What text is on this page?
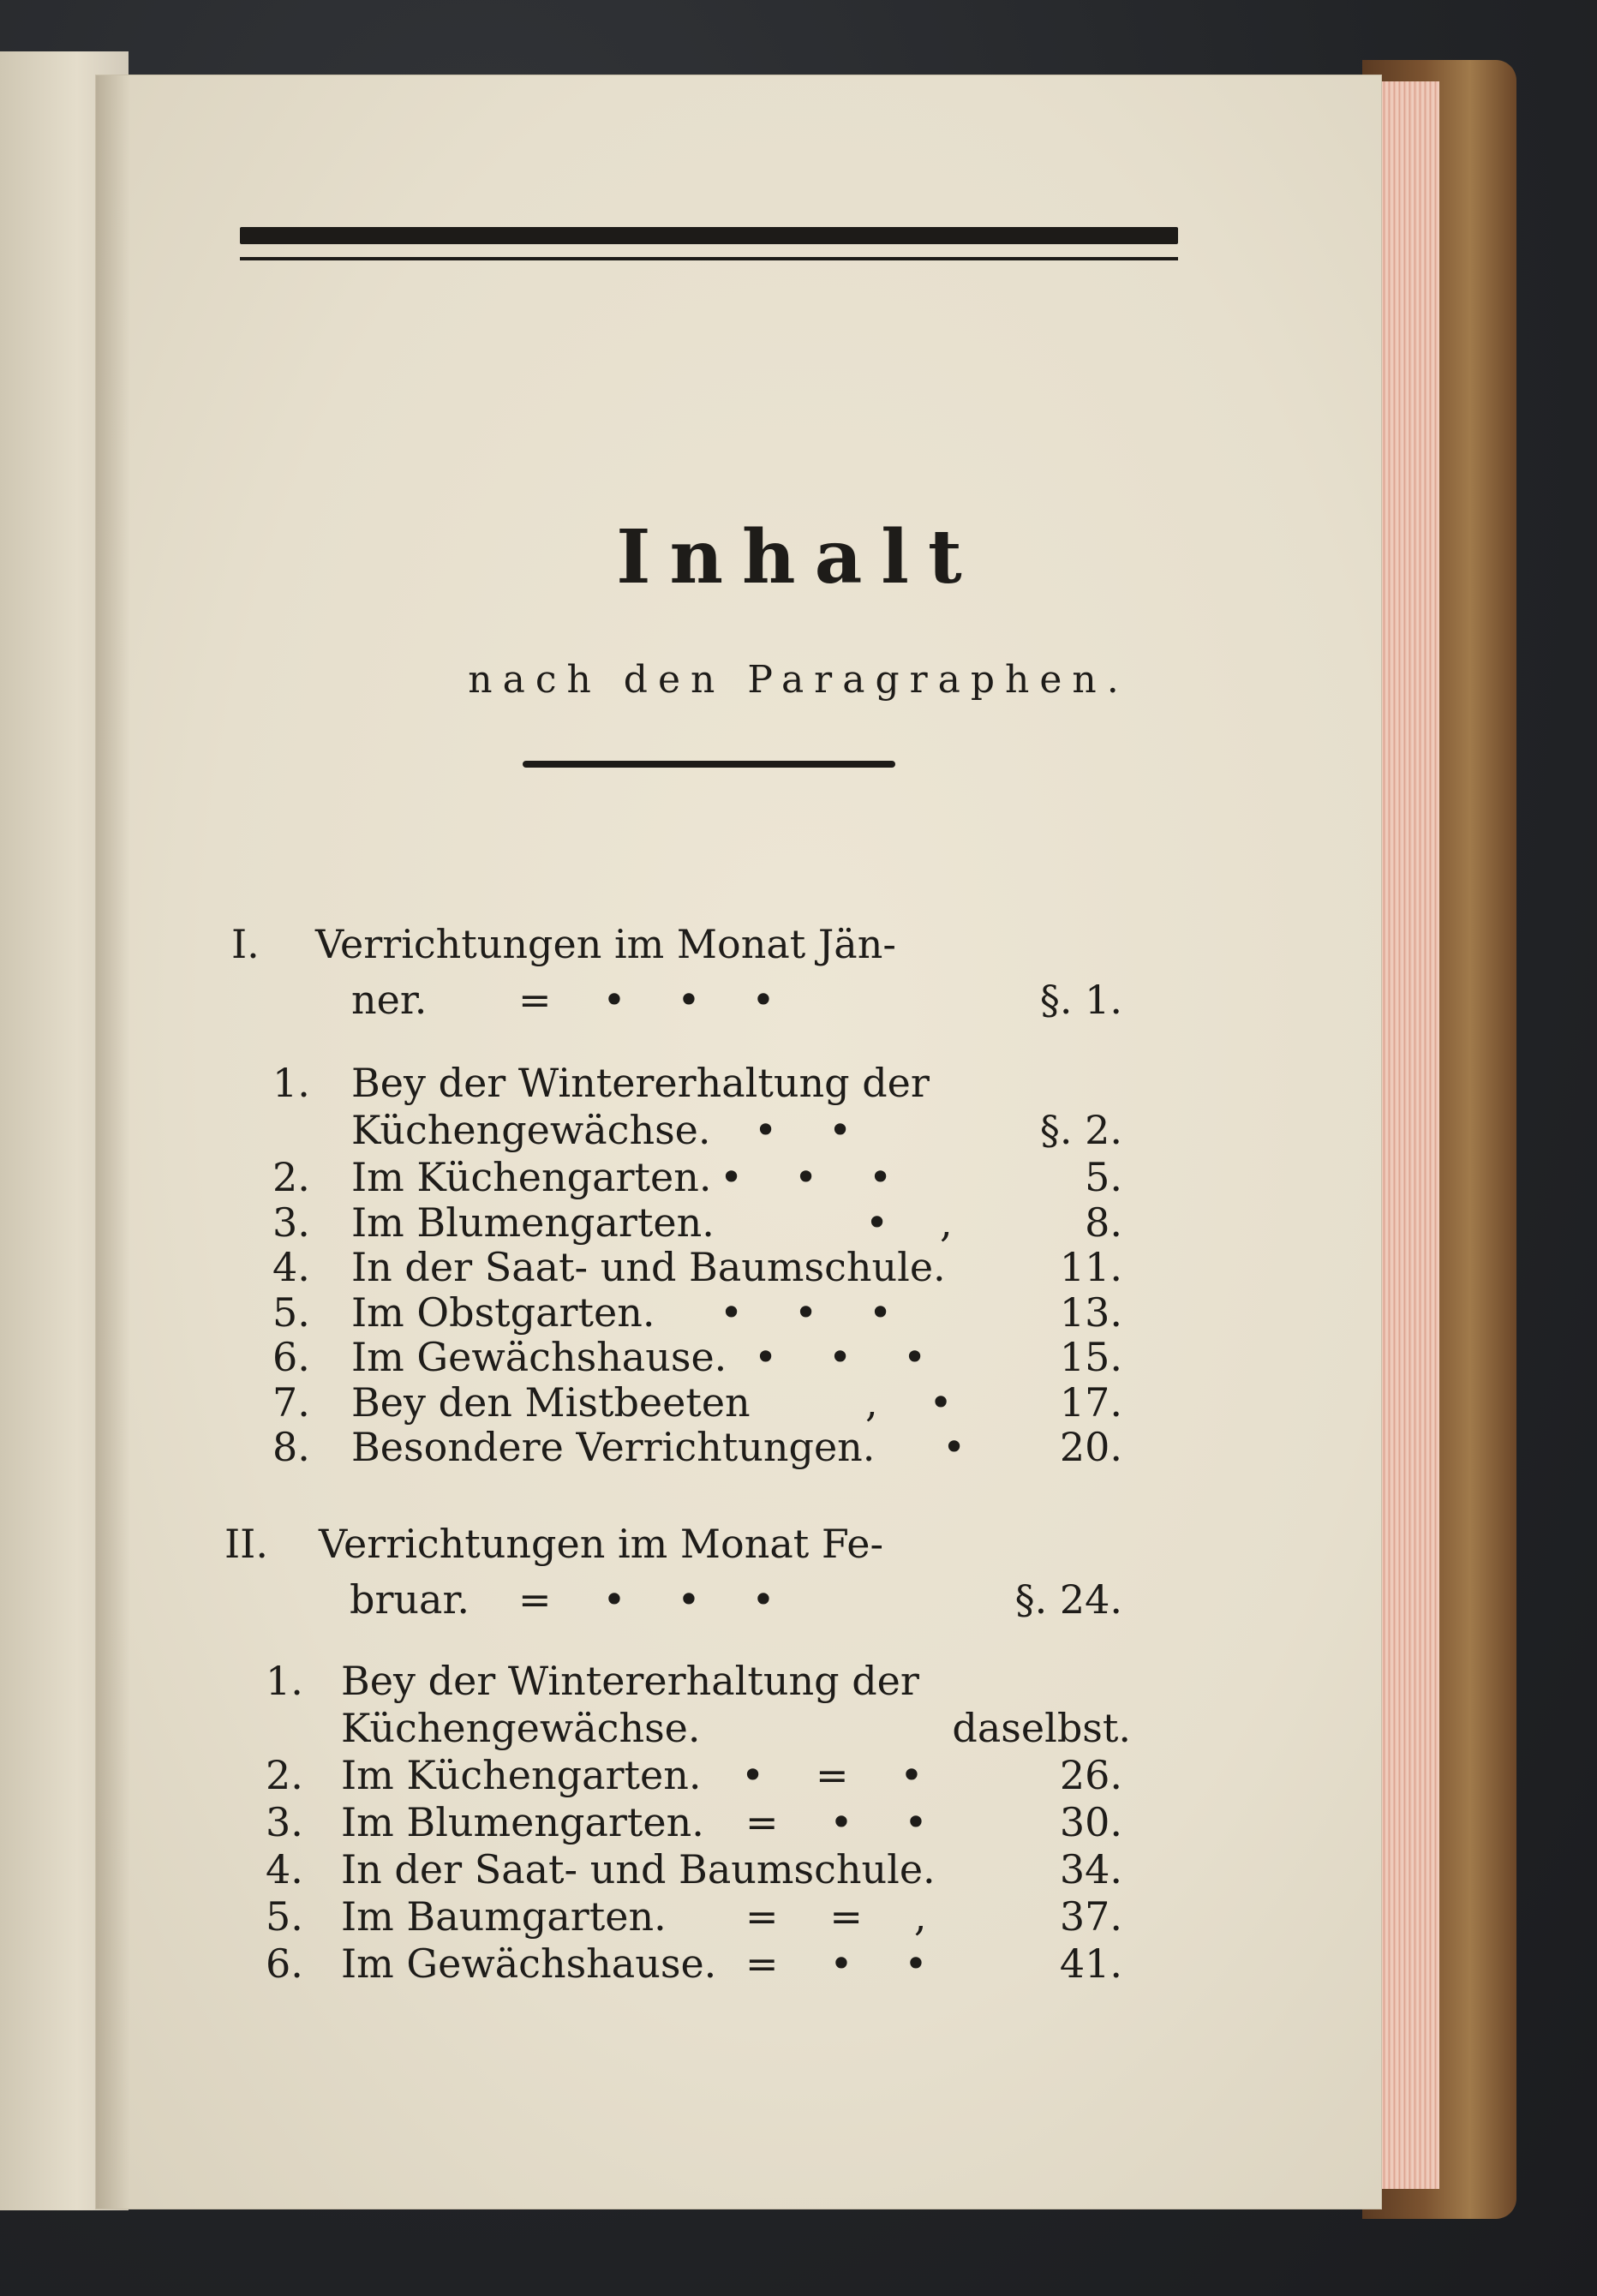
Inhalt
nach den Paragraphen.
I. Verrichtungen im Monat Jän-
ner. =   •   •   •	§. 1.
1. Bey der Wintererhaltung der
Küchengewächse. •   •	§. 2.
2. Im Küchengarten. •   •   •	5.
3. Im Blumengarten.	•   ,	8.
4. In der Saat- und Baumschule.	11.
5. Im Obstgarten. •   •   •	13.
6. Im Gewächshause. •   •   •	15.
7. Bey den Mistbeeten	,   •	17.
8. Besondere Verrichtungen. •	20.
II. Verrichtungen im Monat Fe-
bruar. =   •   •   •	§. 24.
1. Bey der Wintererhaltung der
Küchengewächse.	daselbst.
2. Im Küchengarten. •   =   •	26.
3. Im Blumengarten. =   •   •	30.
4. In der Saat- und Baumschule.	34.
5. Im Baumgarten. =   =   ,	37.
6. Im Gewächshause. =   •   •	41.
